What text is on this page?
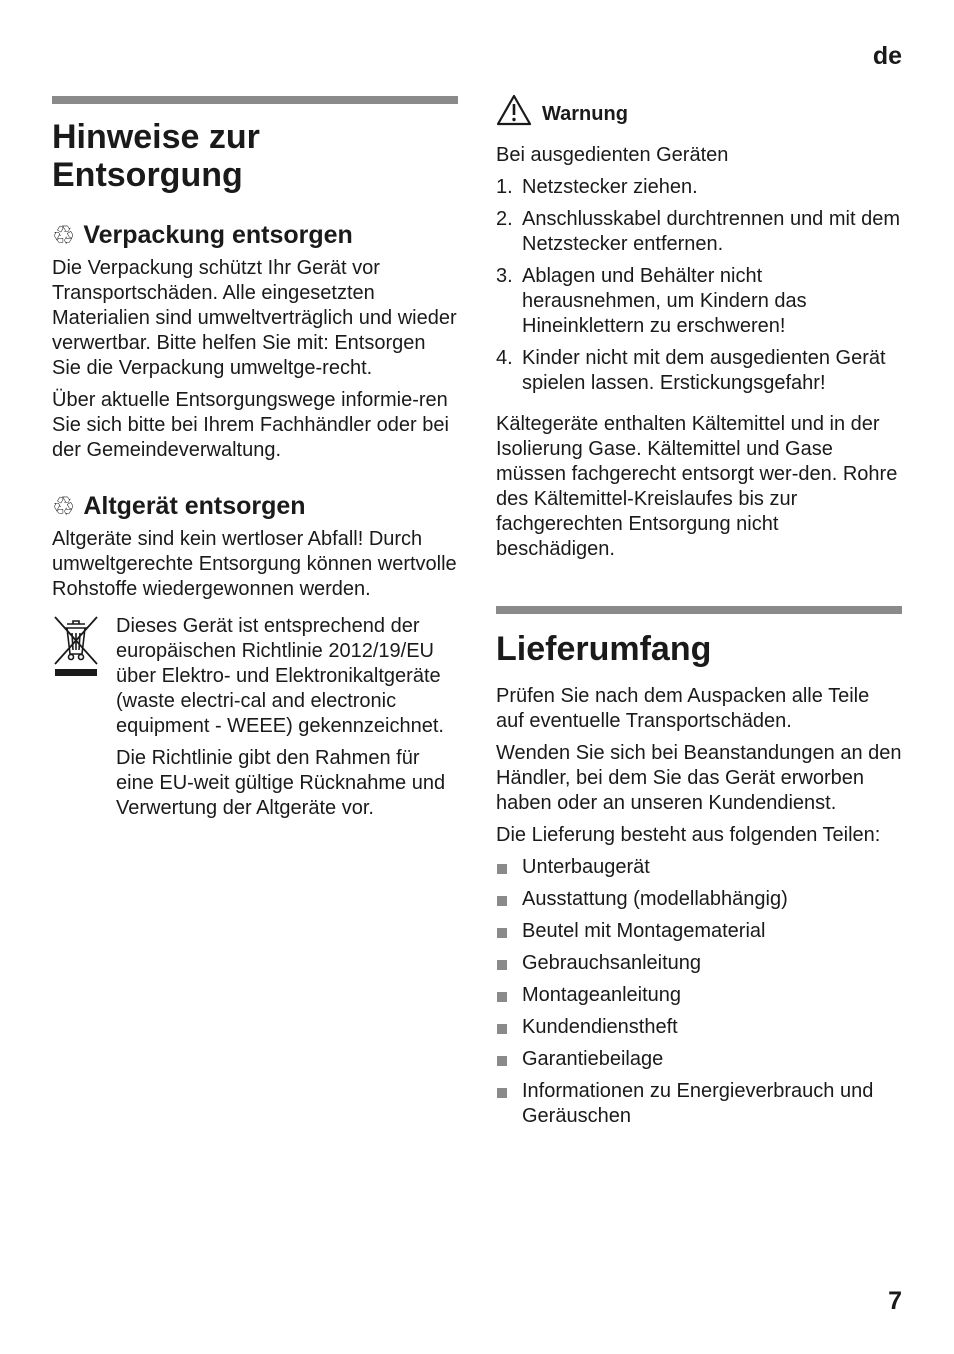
de
Hinweise zur Entsorgung
♲ Verpackung entsorgen

Die Verpackung schützt Ihr Gerät vor Transportschäden. Alle eingesetzten Materialien sind umweltverträglich und wieder verwertbar. Bitte helfen Sie mit: Entsorgen Sie die Verpackung umweltge-recht.

Über aktuelle Entsorgungswege informie-ren Sie sich bitte bei Ihrem Fachhändler oder bei der Gemeindeverwaltung.

♲ Altgerät entsorgen

Altgeräte sind kein wertloser Abfall! Durch umweltgerechte Entsorgung können wertvolle Rohstoffe wiedergewonnen werden.

Dieses Gerät ist entsprechend der europäischen Richtlinie 2012/19/EU über Elektro- und Elektronikaltgeräte (waste electri-cal and electronic equipment - WEEE) gekennzeichnet.

Die Richtlinie gibt den Rahmen für eine EU-weit gültige Rücknahme und Verwertung der Altgeräte vor.

Warnung

Bei ausgedienten Geräten

1. Netzstecker ziehen.
2. Anschlusskabel durchtrennen und mit dem Netzstecker entfernen.
3. Ablagen und Behälter nicht herausnehmen, um Kindern das Hineinklettern zu erschweren!
4. Kinder nicht mit dem ausgedienten Gerät spielen lassen. Erstickungsgefahr!

Kältegeräte enthalten Kältemittel und in der Isolierung Gase. Kältemittel und Gase müssen fachgerecht entsorgt wer-den. Rohre des Kältemittel-Kreislaufes bis zur fachgerechten Entsorgung nicht beschädigen.

Lieferumfang

Prüfen Sie nach dem Auspacken alle Teile auf eventuelle Transportschäden.

Wenden Sie sich bei Beanstandungen an den Händler, bei dem Sie das Gerät erworben haben oder an unseren Kundendienst.

Die Lieferung besteht aus folgenden Teilen:

Unterbaugerät
Ausstattung (modellabhängig)
Beutel mit Montagematerial
Gebrauchsanleitung
Montageanleitung
Kundendienstheft
Garantiebeilage
Informationen zu Energieverbrauch und Geräuschen
7
